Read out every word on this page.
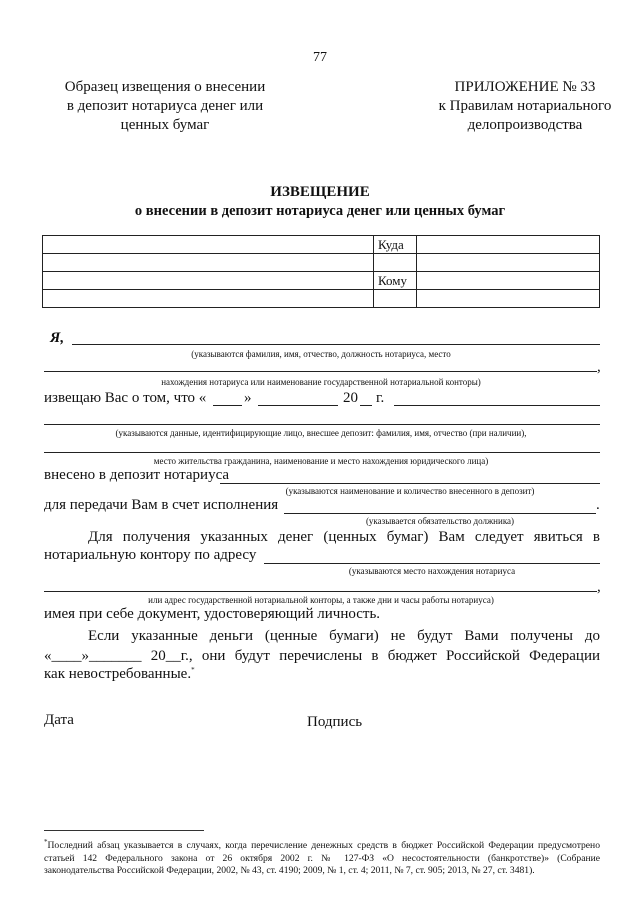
77
Образец извещения о внесении
в депозит нотариуса денег или
ценных бумаг
ПРИЛОЖЕНИЕ № 33
к Правилам нотариального
делопроизводства
ИЗВЕЩЕНИЕ
о внесении в депозит нотариуса денег или ценных бумаг
	Куда	

	Кому	

Я,
(указываются фамилия, имя, отчество, должность нотариуса, место
,
нахождения нотариуса или наименование государственной нотариальной конторы)
извещаю Вас о том, что «	»	20 г.
(указываются данные, идентифицирующие лицо, внесшее депозит: фамилия, имя, отчество (при наличии),
место жительства гражданина, наименование и место нахождения юридического лица)
внесено в депозит нотариуса
(указываются наименование и количество внесенного в депозит)
для передачи Вам в счет исполнения	.
(указывается обязательство должника)
Для получения указанных денег (ценных бумаг) Вам следует явиться в
нотариальную контору по адресу
(указываются место нахождения нотариуса
,
или адрес государственной нотариальной конторы, а также дни и часы работы нотариуса)
имея при себе документ, удостоверяющий личность.
Если указанные деньги (ценные бумаги) не будут Вами получены до
«____»_______ 20__г., они будут перечислены в бюджет Российской Федерации
как невостребованные.*
Дата	Подпись
*Последний абзац указывается в случаях, когда перечисление денежных средств в бюджет Российской Федерации предусмотрено
статьей 142 Федерального закона от 26 октября 2002 г. № 127-ФЗ «О несостоятельности (банкротстве)» (Собрание
законодательства Российской Федерации, 2002, № 43, ст. 4190; 2009, № 1, ст. 4; 2011, № 7, ст. 905; 2013, № 27, ст. 3481).
